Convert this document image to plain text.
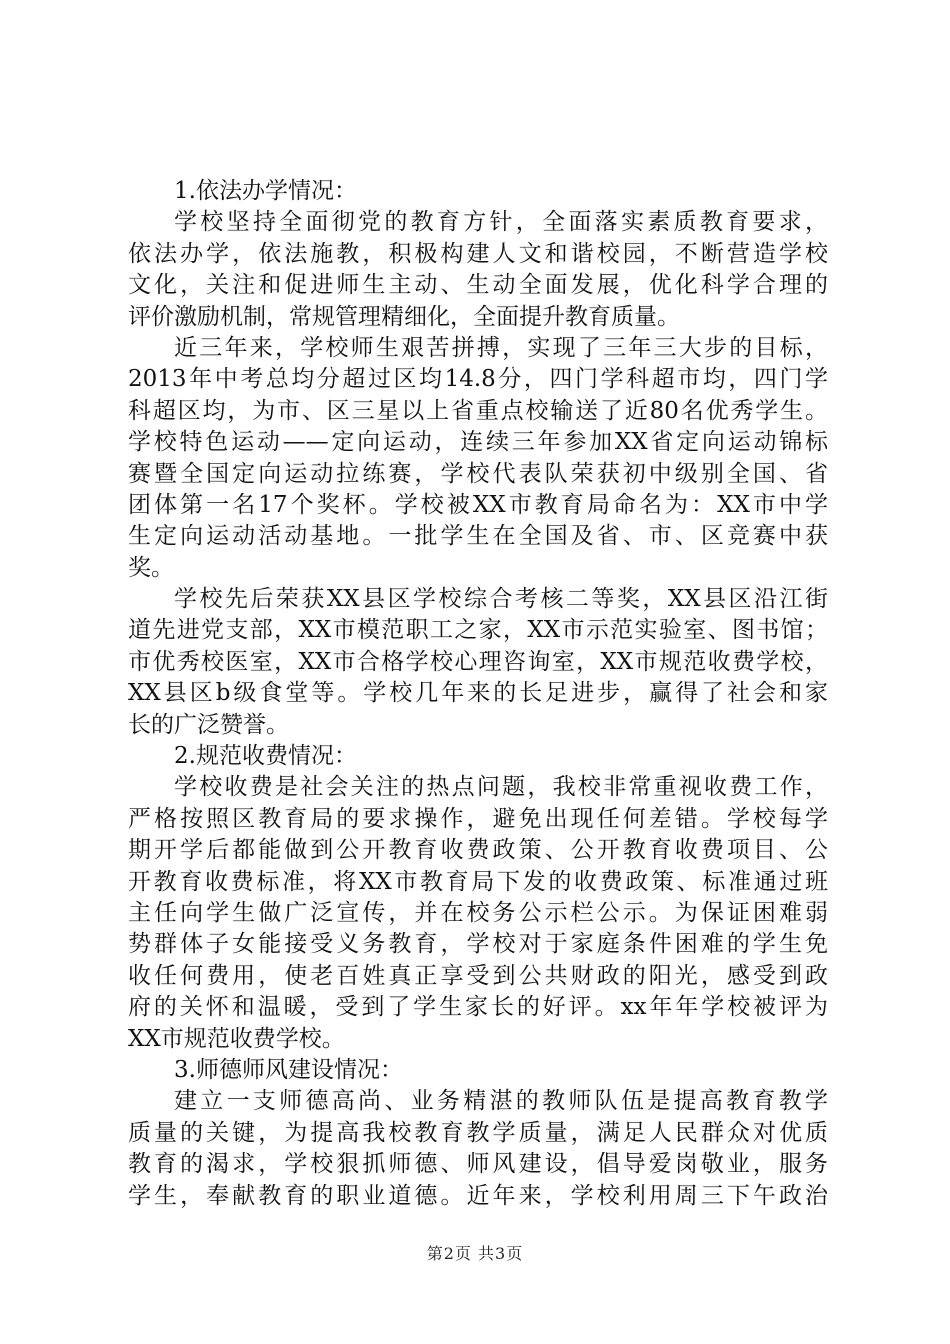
1.依法办学情况：
学校坚持全面彻党的教育方针，全面落实素质教育要求，
依法办学，依法施教，积极构建人文和谐校园，不断营造学校
文化，关注和促进师生主动、生动全面发展，优化科学合理的
评价激励机制，常规管理精细化，全面提升教育质量。
近三年来，学校师生艰苦拼搏，实现了三年三大步的目标，
2013年中考总均分超过区均14.8分，四门学科超市均，四门学
科超区均，为市、区三星以上省重点校输送了近80名优秀学生。
学校特色运动——定向运动，连续三年参加XX省定向运动锦标
赛暨全国定向运动拉练赛，学校代表队荣获初中级别全国、省
团体第一名17个奖杯。学校被XX市教育局命名为：XX市中学
生定向运动活动基地。一批学生在全国及省、市、区竞赛中获
奖。
学校先后荣获XX县区学校综合考核二等奖，XX县区沿江街
道先进党支部，XX市模范职工之家，XX市示范实验室、图书馆；
市优秀校医室，XX市合格学校心理咨询室，XX市规范收费学校，
XX县区b级食堂等。学校几年来的长足进步，赢得了社会和家
长的广泛赞誉。
2.规范收费情况：
学校收费是社会关注的热点问题，我校非常重视收费工作，
严格按照区教育局的要求操作，避免出现任何差错。学校每学
期开学后都能做到公开教育收费政策、公开教育收费项目、公
开教育收费标准，将XX市教育局下发的收费政策、标准通过班
主任向学生做广泛宣传，并在校务公示栏公示。为保证困难弱
势群体子女能接受义务教育，学校对于家庭条件困难的学生免
收任何费用，使老百姓真正享受到公共财政的阳光，感受到政
府的关怀和温暖，受到了学生家长的好评。xx年年学校被评为
XX市规范收费学校。
3.师德师风建设情况：
建立一支师德高尚、业务精湛的教师队伍是提高教育教学
质量的关键，为提高我校教育教学质量，满足人民群众对优质
教育的渴求，学校狠抓师德、师风建设，倡导爱岗敬业，服务
学生，奉献教育的职业道德。近年来，学校利用周三下午政治
第2页 共3页
